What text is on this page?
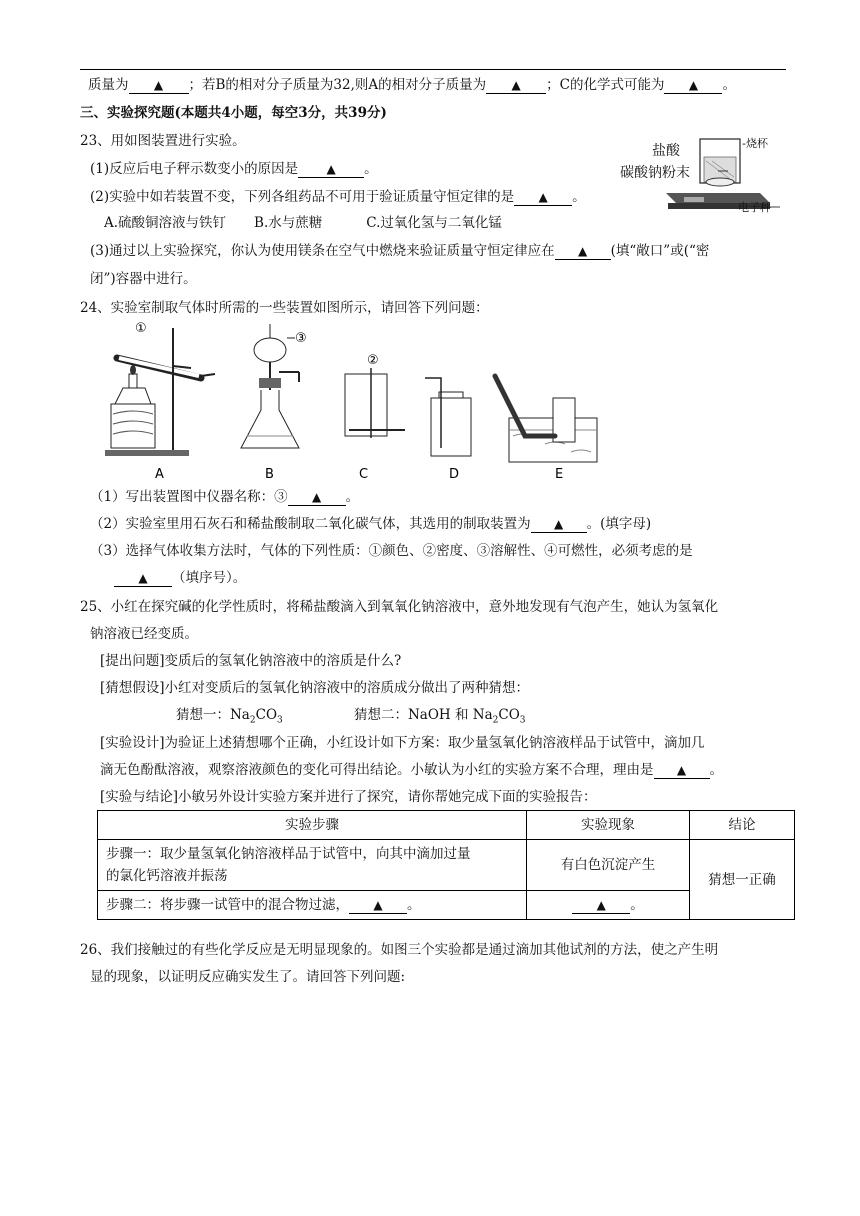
质量为 ▲ ；若B的相对分子质量为32,则A的相对分子质量为 ▲ ；C的化学式可能为 ▲ 。
三、实验探究题(本题共4小题，每空3分，共39分)
23、用如图装置进行实验。
(1)反应后电子秤示数变小的原因是 ▲ 。
(2)实验中如若装置不变，下列各组药品不可用于验证质量守恒定律的是 ▲ 。
A.硫酸铜溶液与铁钉 B.水与蔗糖	C.过氧化氢与二氧化锰
(3)通过以上实验探究，你认为使用镁条在空气中燃烧来验证质量守恒定律应在 ▲ (填“敞口”或(“密
闭”)容器中进行。
盐酸	-烧杯
碳酸钠粉末
电子秤
24、实验室制取气体时所需的一些装置如图所示，请回答下列问题：
①
A
③
B
②
C	D	E
（1）写出装置图中仪器名称：③ ▲ 。
（2）实验室里用石灰石和稀盐酸制取二氧化碳气体，其选用的制取装置为 ▲ 。(填字母)
（3）选择气体收集方法时，气体的下列性质：①颜色、②密度、③溶解性、④可燃性，必须考虑的是
▲ （填序号）。
25、小红在探究碱的化学性质时，将稀盐酸滴入到氧氧化钠溶液中，意外地发现有气泡产生，她认为氢氧化
钠溶液已经变质。
[提出问题]变质后的氢氧化钠溶液中的溶质是什么?
[猜想假设]小红对变质后的氢氧化钠溶液中的溶质成分做出了两种猜想：
猜想一：$Na_2CO_3$	猜想二：NaOH 和 $Na_2CO_3$
[实验设计]为验证上述猜想哪个正确，小红设计如下方案：取少量氢氧化钠溶液样品于试管中，滴加几
滴无色酚酞溶液，观察溶液颜色的变化可得出结论。小敏认为小红的实验方案不合理，理由是 ▲ 。
[实验与结论]小敏另外设计实验方案并进行了探究，请你帮她完成下面的实验报告：
实验步骤	实验现象	结论
步骤一：取少量氢氧化钠溶液样品于试管中，向其中滴加过量
的氯化钙溶液并振荡	有白色沉淀产生	猜想一正确
步骤二：将步骤一试管中的混合物过滤， ▲ 。	▲ 。	
26、我们接触过的有些化学反应是无明显现象的。如图三个实验都是通过滴加其他试剂的方法，使之产生明
显的现象，以证明反应确实发生了。请回答下列问题:
